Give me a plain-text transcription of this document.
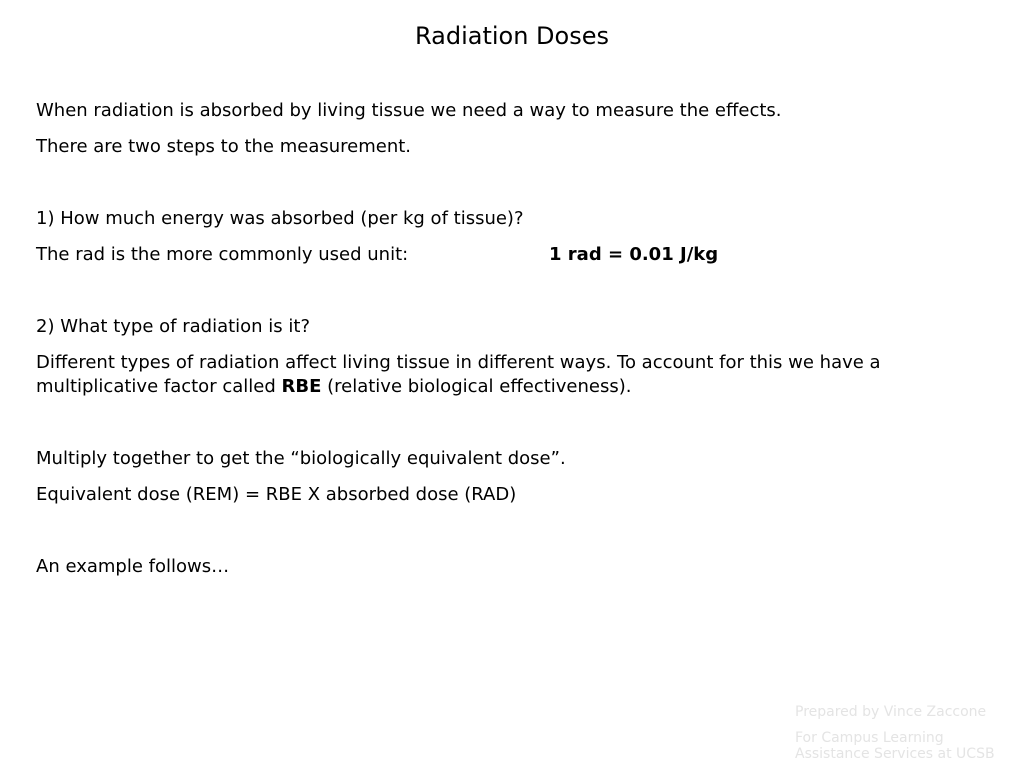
Radiation Doses

When radiation is absorbed by living tissue we need a way to measure the effects.

There are two steps to the measurement.

1) How much energy was absorbed (per kg of tissue)?

The rad is the more commonly used unit:	1 rad = 0.01 J/kg

2) What type of radiation is it?

Different types of radiation affect living tissue in different ways. To account for this we have a multiplicative factor called RBE (relative biological effectiveness).

Multiply together to get the “biologically equivalent dose”.

Equivalent dose (REM) = RBE X absorbed dose (RAD)

An example follows…

Prepared by Vince Zaccone
For Campus Learning
Assistance Services at UCSB
